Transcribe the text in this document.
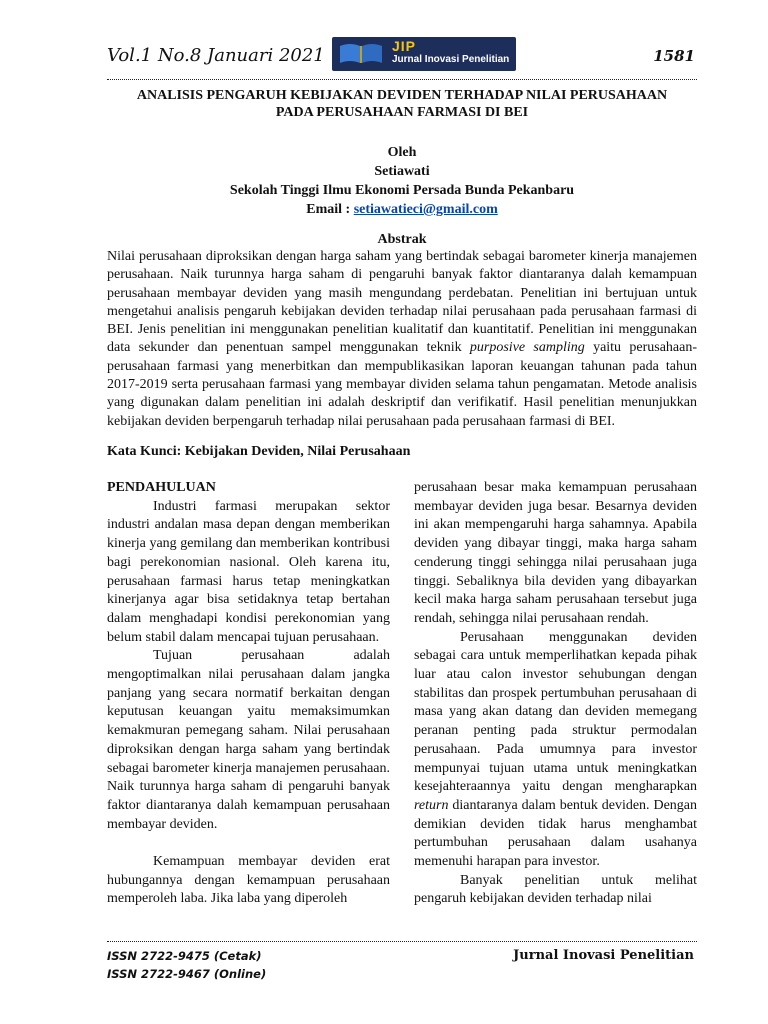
Vol.1 No.8 Januari 2021	JIP
Jurnal Inovasi Penelitian	1581
ANALISIS PENGARUH KEBIJAKAN DEVIDEN TERHADAP NILAI PERUSAHAAN
PADA PERUSAHAAN FARMASI DI BEI
Oleh
Setiawati
Sekolah Tinggi Ilmu Ekonomi Persada Bunda Pekanbaru
Email : setiawatieci@gmail.com
Abstrak

Nilai perusahaan diproksikan dengan harga saham yang bertindak sebagai barometer kinerja manajemen perusahaan. Naik turunnya harga saham di pengaruhi banyak faktor diantaranya dalah kemampuan perusahaan membayar deviden yang masih mengundang perdebatan. Penelitian ini bertujuan untuk mengetahui analisis pengaruh kebijakan deviden terhadap nilai perusahaan pada perusahaan farmasi di BEI. Jenis penelitian ini menggunakan penelitian kualitatif dan kuantitatif. Penelitian ini menggunakan data sekunder dan penentuan sampel menggunakan teknik purposive sampling yaitu perusahaan-perusahaan farmasi yang menerbitkan dan mempublikasikan laporan keuangan tahunan pada tahun 2017-2019 serta perusahaan farmasi yang membayar dividen selama tahun pengamatan. Metode analisis yang digunakan dalam penelitian ini adalah deskriptif dan verifikatif. Hasil penelitian menunjukkan kebijakan deviden berpengaruh terhadap nilai perusahaan pada perusahaan farmasi di BEI.

Kata Kunci: Kebijakan Deviden, Nilai Perusahaan

PENDAHULUAN

Industri farmasi merupakan sektor industri andalan masa depan dengan memberikan kinerja yang gemilang dan memberikan kontribusi bagi perekonomian nasional. Oleh karena itu, perusahaan farmasi harus tetap meningkatkan kinerjanya agar bisa setidaknya tetap bertahan dalam menghadapi kondisi perekonomian yang belum stabil dalam mencapai tujuan perusahaan.

Tujuan perusahaan adalah mengoptimalkan nilai perusahaan dalam jangka panjang yang secara normatif berkaitan dengan keputusan keuangan yaitu memaksimumkan kemakmuran pemegang saham. Nilai perusahaan diproksikan dengan harga saham yang bertindak sebagai barometer kinerja manajemen perusahaan. Naik turunnya harga saham di pengaruhi banyak faktor diantaranya dalah kemampuan perusahaan membayar deviden.

Kemampuan membayar deviden erat hubungannya dengan kemampuan perusahaan memperoleh laba. Jika laba yang diperoleh

perusahaan besar maka kemampuan perusahaan membayar deviden juga besar. Besarnya deviden ini akan mempengaruhi harga sahamnya. Apabila deviden yang dibayar tinggi, maka harga saham cenderung tinggi sehingga nilai perusahaan juga tinggi. Sebaliknya bila deviden yang dibayarkan kecil maka harga saham perusahaan tersebut juga rendah, sehingga nilai perusahaan rendah.

Perusahaan menggunakan deviden sebagai cara untuk memperlihatkan kepada pihak luar atau calon investor sehubungan dengan stabilitas dan prospek pertumbuhan perusahaan di masa yang akan datang dan deviden memegang peranan penting pada struktur permodalan perusahaan. Pada umumnya para investor mempunyai tujuan utama untuk meningkatkan kesejahteraannya yaitu dengan mengharapkan return diantaranya dalam bentuk deviden. Dengan demikian deviden tidak harus menghambat pertumbuhan perusahaan dalam usahanya memenuhi harapan para investor.

Banyak penelitian untuk melihat pengaruh kebijakan deviden terhadap nilai

ISSN 2722-9475 (Cetak)
ISSN 2722-9467 (Online)
Jurnal Inovasi Penelitian
